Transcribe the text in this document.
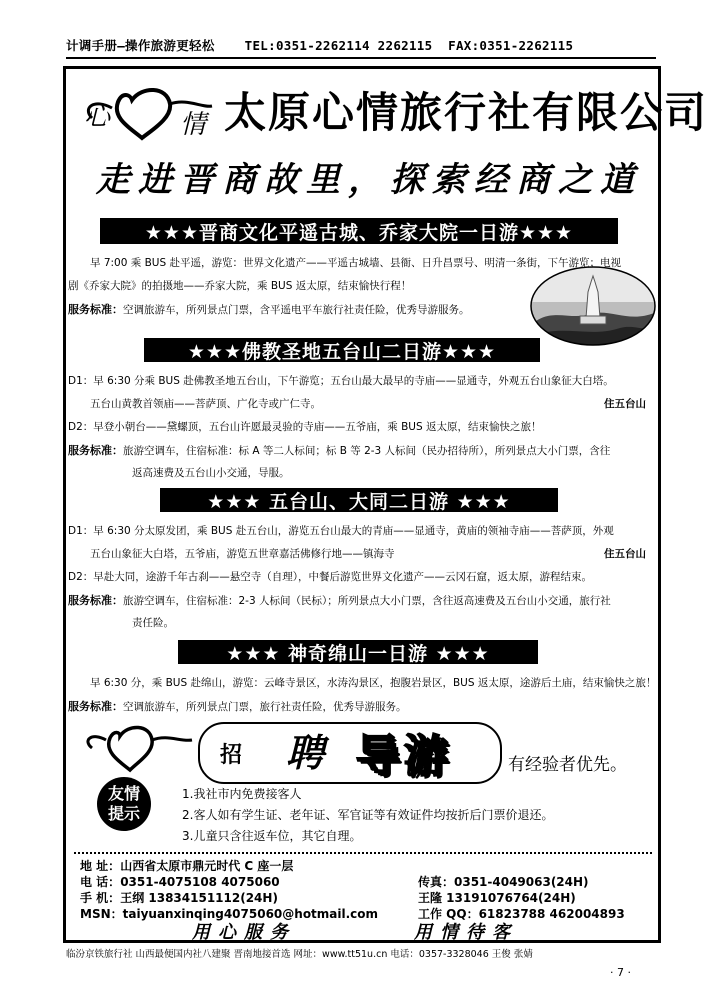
计调手册—操作旅游更轻松 TEL:0351-2262114 2262115 FAX:0351-2262115
心	情 太原心情旅行社有限公司
走进晋商故里，探索经商之道
★★★晋商文化平遥古城、乔家大院一日游★★★
早 7:00 乘 BUS 赴平遥，游览：世界文化遗产——平遥古城墙、县衙、日升昌票号、明清一条街，下午游览；电视
剧《乔家大院》的拍摄地——乔家大院，乘 BUS 返太原，结束愉快行程！
服务标准：空调旅游车，所列景点门票，含平遥电平车旅行社责任险，优秀导游服务。
★★★佛教圣地五台山二日游★★★
D1：早 6:30 分乘 BUS 赴佛教圣地五台山，下午游览；五台山最大最早的寺庙——显通寺，外观五台山象征大白塔。
五台山黄教首领庙——菩萨顶、广化寺或广仁寺。	住五台山
D2：早登小朝台——黛螺顶，五台山许愿最灵验的寺庙——五爷庙，乘 BUS 返太原，结束愉快之旅！
服务标准：旅游空调车，住宿标准：标 A 等二人标间；标 B 等 2-3 人标间（民办招待所），所列景点大小门票，含往
返高速费及五台山小交通，导服。
★★★ 五台山、大同二日游 ★★★
D1：早 6:30 分太原发团，乘 BUS 赴五台山，游览五台山最大的青庙——显通寺，黄庙的领袖寺庙——菩萨顶，外观
五台山象征大白塔，五爷庙，游览五世章嘉活佛修行地——镇海寺	住五台山
D2：早赴大同，途游千年古刹——悬空寺（自理），中餐后游览世界文化遗产——云冈石窟，返太原，游程结束。
服务标准：旅游空调车，住宿标准：2-3 人标间（民标）；所列景点大小门票，含往返高速费及五台山小交通，旅行社
责任险。
★★★ 神奇绵山一日游 ★★★
早 6:30 分，乘 BUS 赴绵山，游览：云峰寺景区，水涛沟景区，抱腹岩景区，BUS 返太原，途游后土庙，结束愉快之旅！
服务标准：空调旅游车，所列景点门票，旅行社责任险，优秀导游服务。
招 聘 导游	有经验者优先。
友情提示
1.我社市内免费接客人
2.客人如有学生证、老年证、军官证等有效证件均按折后门票价退还。
3.儿童只含往返车位，其它自理。
地 址：山西省太原市鼎元时代 C 座一层
电 话：0351-4075108 4075060	传真：0351-4049063(24H)
手 机：王纲 13834151112(24H)	王隆 13191076764(24H)
MSN：taiyuanxinqing4075060@hotmail.com	工作 QQ：61823788 462004893
用心服务	用情待客
临汾京铁旅行社 山西最便国内社八建聚 晋南地接首选 网址：www.tt51u.cn 电话：0357-3328046 王俊 张婧
· 7 ·
